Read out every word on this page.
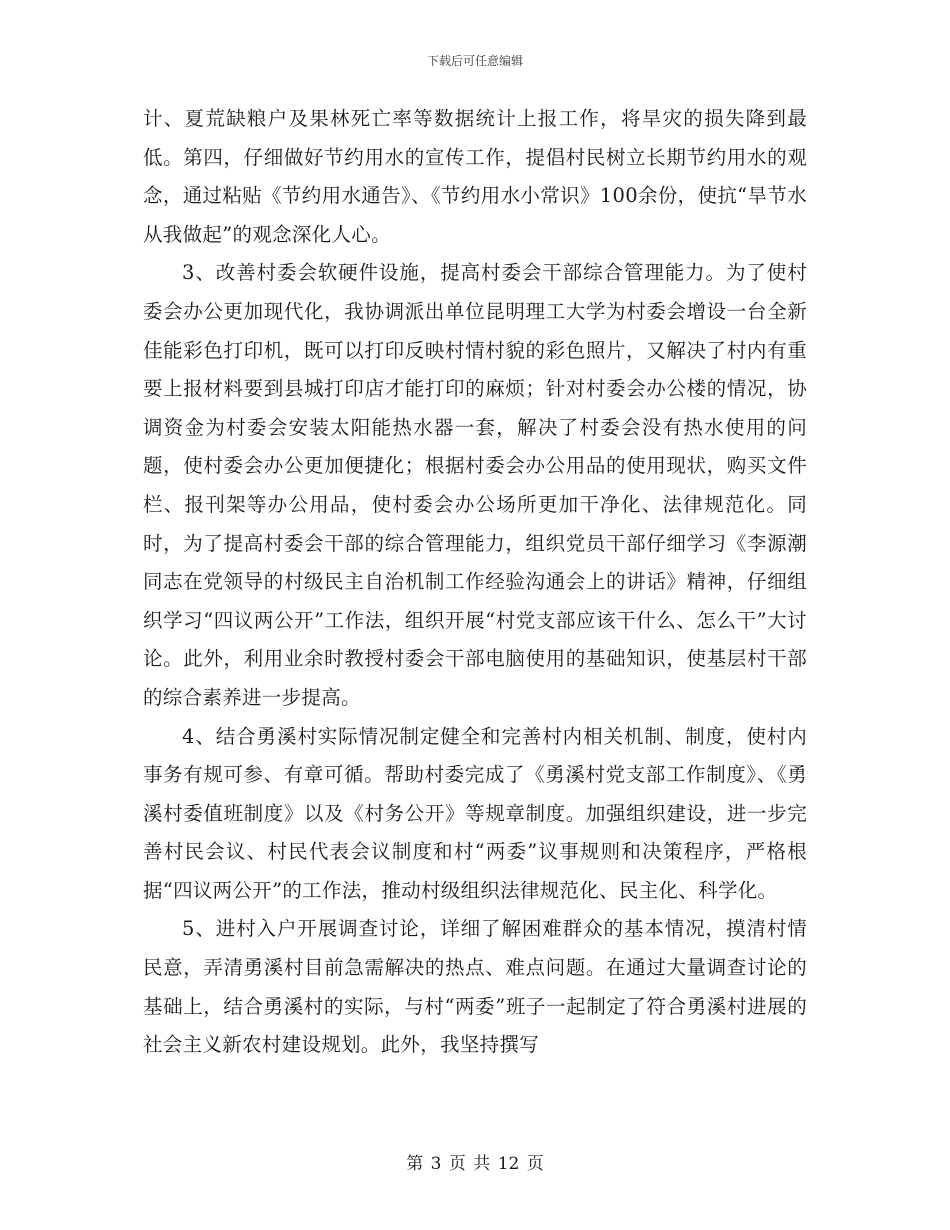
下载后可任意编辑

计、夏荒缺粮户及果林死亡率等数据统计上报工作，将旱灾的损失降到最低。第四，仔细做好节约用水的宣传工作，提倡村民树立长期节约用水的观念，通过粘贴《节约用水通告》、《节约用水小常识》100余份，使抗“旱节水从我做起”的观念深化人心。

3、改善村委会软硬件设施，提高村委会干部综合管理能力。为了使村委会办公更加现代化，我协调派出单位昆明理工大学为村委会增设一台全新佳能彩色打印机，既可以打印反映村情村貌的彩色照片，又解决了村内有重要上报材料要到县城打印店才能打印的麻烦；针对村委会办公楼的情况，协调资金为村委会安装太阳能热水器一套，解决了村委会没有热水使用的问题，使村委会办公更加便捷化；根据村委会办公用品的使用现状，购买文件栏、报刊架等办公用品，使村委会办公场所更加干净化、法律规范化。同时，为了提高村委会干部的综合管理能力，组织党员干部仔细学习《李源潮同志在党领导的村级民主自治机制工作经验沟通会上的讲话》精神，仔细组织学习“四议两公开”工作法，组织开展“村党支部应该干什么、怎么干”大讨论。此外，利用业余时教授村委会干部电脑使用的基础知识，使基层村干部的综合素养进一步提高。

4、结合勇溪村实际情况制定健全和完善村内相关机制、制度，使村内事务有规可参、有章可循。帮助村委完成了《勇溪村党支部工作制度》、《勇溪村委值班制度》以及《村务公开》等规章制度。加强组织建设，进一步完善村民会议、村民代表会议制度和村“两委”议事规则和决策程序，严格根据“四议两公开”的工作法，推动村级组织法律规范化、民主化、科学化。

5、进村入户开展调查讨论，详细了解困难群众的基本情况，摸清村情民意，弄清勇溪村目前急需解决的热点、难点问题。在通过大量调查讨论的基础上，结合勇溪村的实际，与村“两委”班子一起制定了符合勇溪村进展的社会主义新农村建设规划。此外，我坚持撰写

第 3 页 共 12 页
